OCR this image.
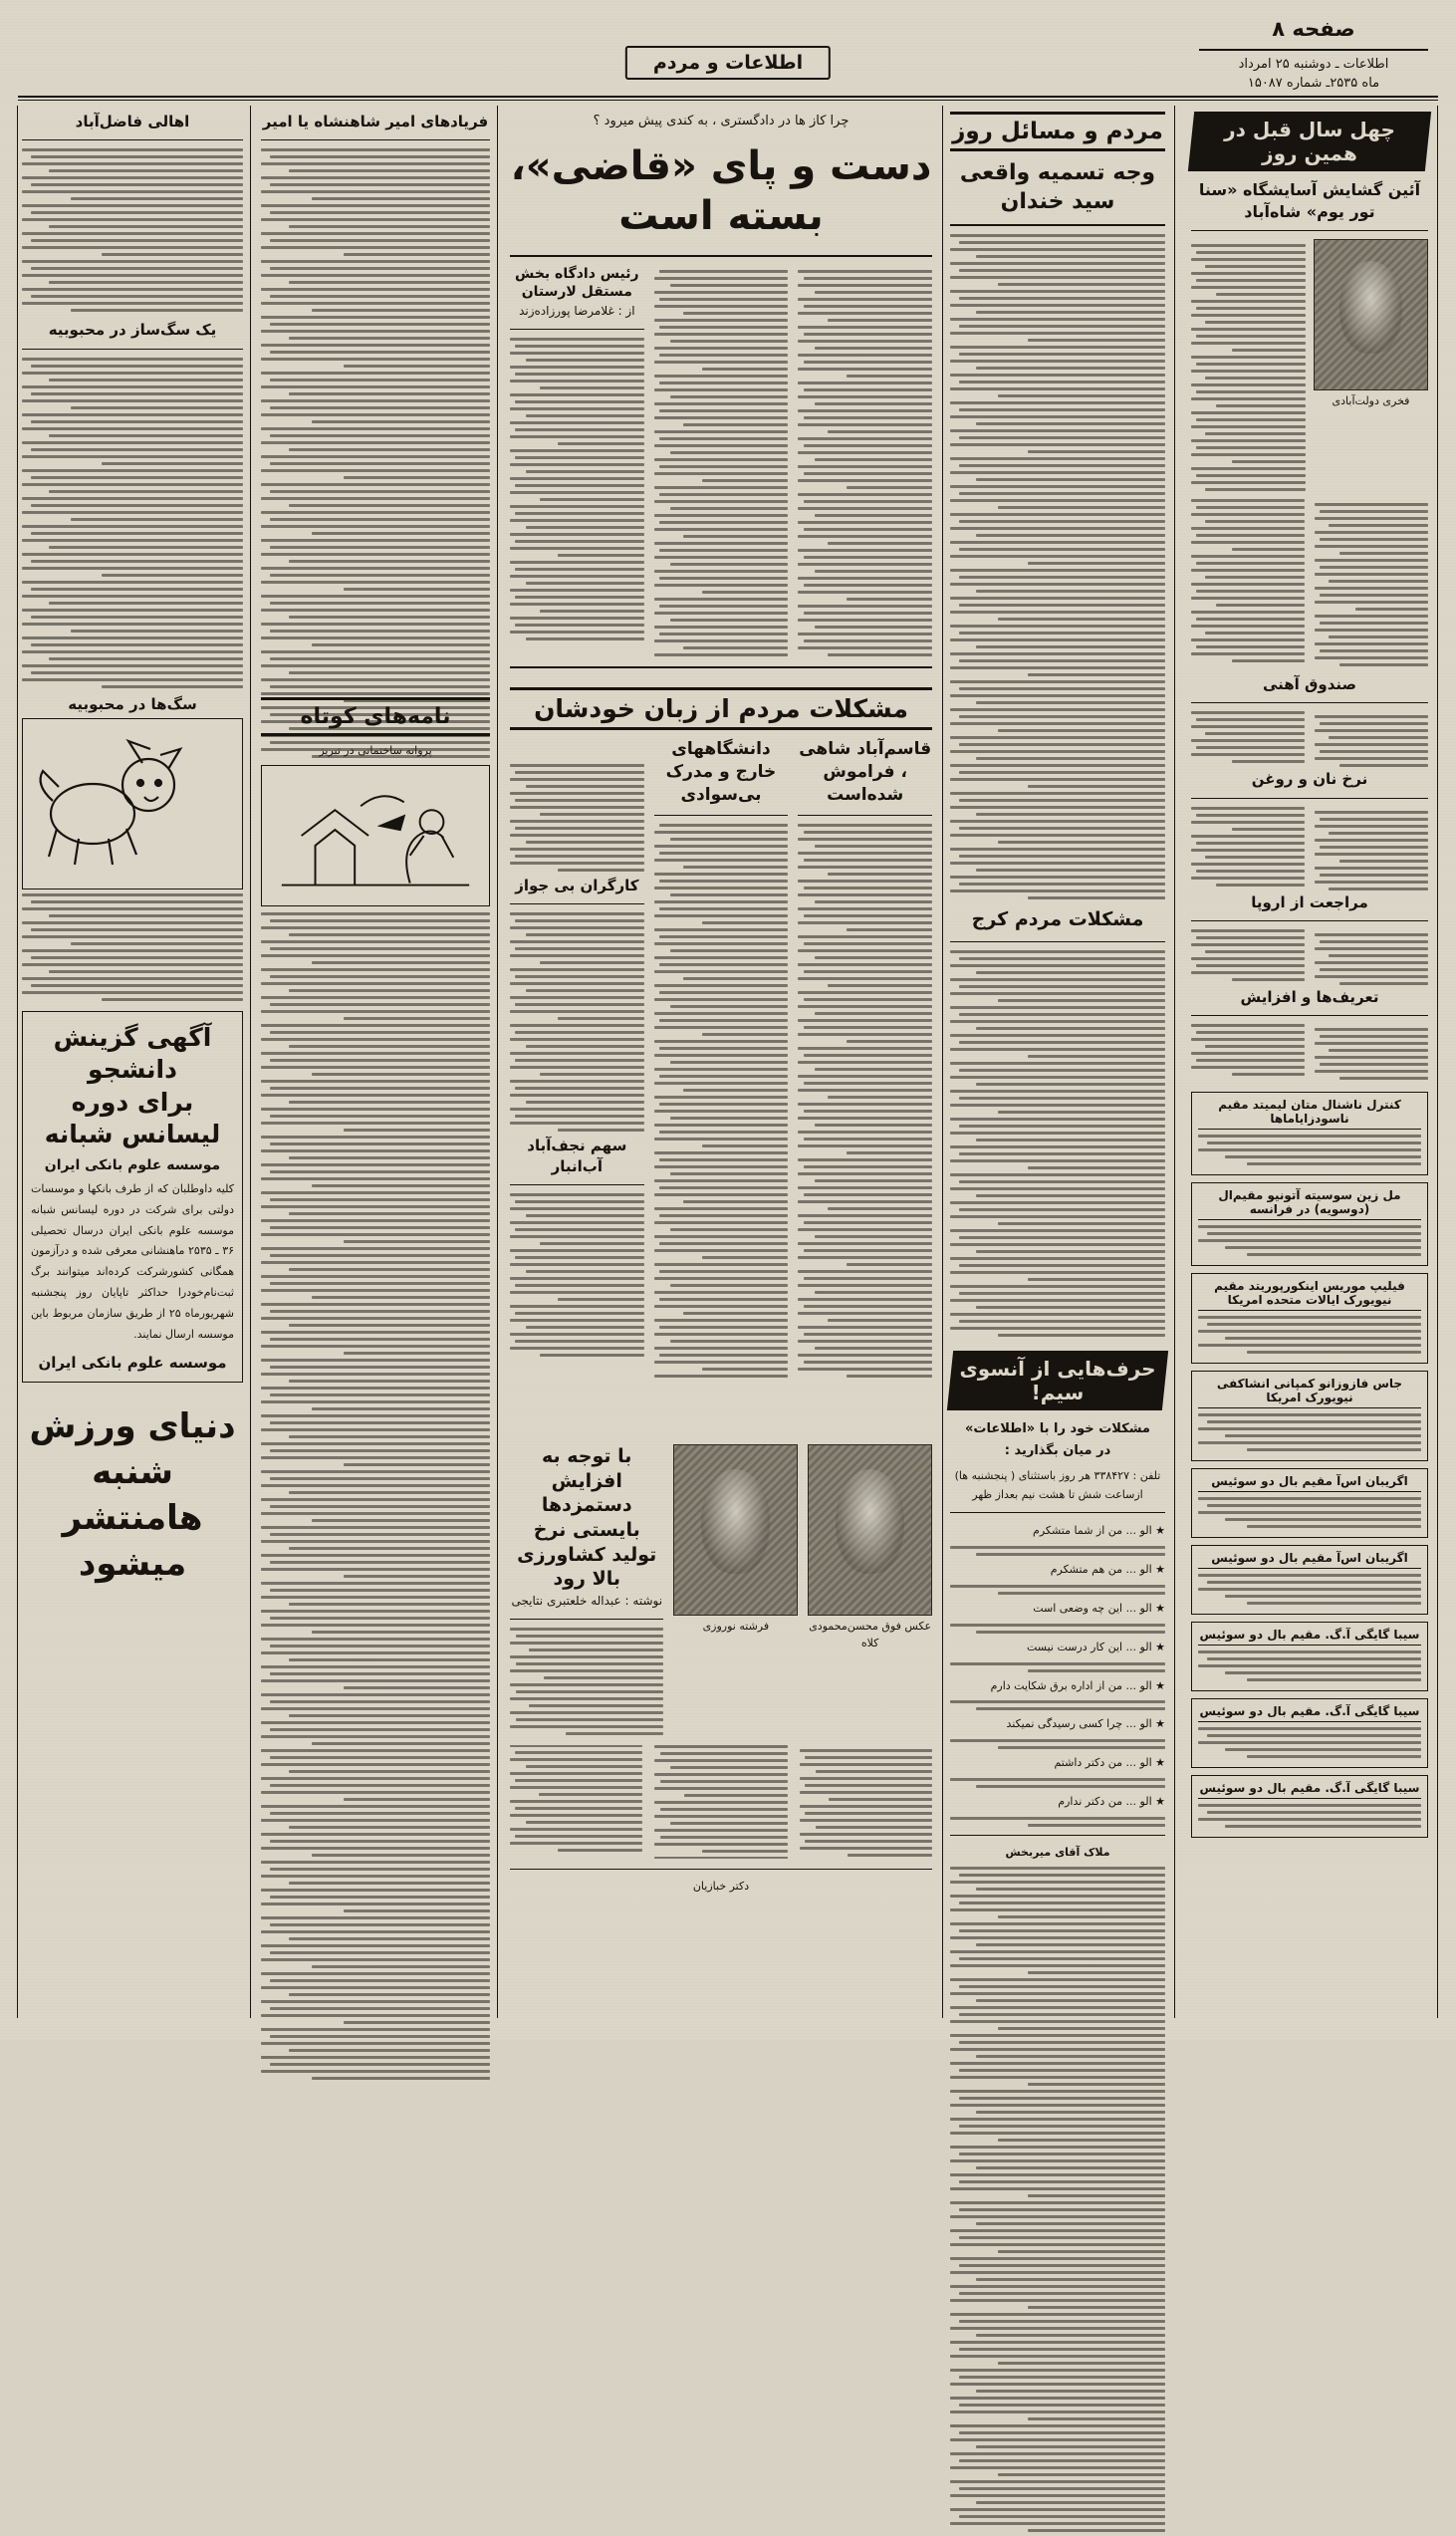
صفحه ۸
اطلاعات ـ دوشنبه ۲۵ امرداد
ماه ۲۵۳۵ـ شماره ۱۵۰۸۷
اطلاعات و مردم
چرا کاز ها در دادگستری ، به کندی پیش میرود ؟
دست و پای «قاضی»، بسته است
رئیس دادگاه بخش مستقل لارستان
از : غلامرضا پورزاده‌زند
فریادهای امیر شاهنشاه یا امیر
اهالی فاضل‌آباد
یک سگ‌ساز در محبوبیه
سگ‌ها در محبوبیه
آگهی گزینش دانشجو
برای دوره لیسانس شبانه
موسسه علوم بانکی ایران
کلیه داوطلبان که از طرف بانکها و موسسات دولتی برای شرکت در دوره لیسانس شبانه موسسه علوم بانکی ایران درسال تحصیلی ۳۶ ـ ۲۵۳۵ ماهنشانی معرفی شده و درآزمون همگانی کشورشرکت کرده‌اند میتوانند برگ ثبت‌نام‌خودرا حداکثر تاپایان روز پنجشنبه شهریورماه ۲۵ از طریق سازمان مربوط باین موسسه ارسال نمایند.
موسسه علوم بانکی ایران
دنیای ورزش شنبه
هامنتشر میشود
نامه‌های کوتاه
پروانه ساختمانی در تبریز
مشکلات مردم از زبان خودشان
قاسم‌آباد شاهی ، فراموش شده‌است
دانشگاههای خارج و مدرک بی‌سوادی
کارگران بی جواز
سهم نجف‌آباد آب‌انبار
عکس فوق محسن‌محمودی کلاه
فرشته نوروزی
با توجه به افزایش دستمزدها بایستی نرخ تولید کشاورزی بالا رود
نوشته : عبداله خلعتبری نتایجی
دکتر خبازیان
مردم و مسائل روز
وجه تسمیه واقعی
سید خندان
مشکلات مردم کرج
حرف‌هایی از آنسوی سیم!
مشکلات خود را با «اطلاعات»
در میان بگذارید :
تلفن : ۳۳۸۴۲۷ هر روز باستثنای ( پنجشنبه ها) ازساعت شش تا هشت نیم بعداز ظهر
★ الو ... من از شما متشکرم
★ الو ... من هم متشکرم
★ الو ... این چه وضعی است
★ الو ... این کار درست نیست
★ الو ... من از اداره برق شکایت دارم
★ الو ... چرا کسی رسیدگی نمیکند
★ الو ... من دکتر داشتم
★ الو ... من دکتر ندارم
ملاک آقای میربخش
چهل سال قبل در همین روز
آئین گشایش آسایشگاه «سنا تور یوم» شاه‌آباد
فخری دولت‌آبادی
صندوق آهنی
نرخ نان و روغن
مراجعت از اروپا
تعریف‌ها و افزایش
کنترل ناشنال متان لیمیتد مقیم ناسودزایاماها
مل زین سوسیته آتونیو مقیم‌ال (دوسویه) در فرانسه
فیلیپ موریس اینکورپوریتد مقیم نیویورک ایالات متحده امریکا
جاس فازوزانو کمپانی انشاکفی نیویورک امریکا
اگریبان اس‌آ مقیم بال دو سوئیس
اگریبان اس‌آ مقیم بال دو سوئیس
سیبا گایگی آ.گ. مقیم بال دو سوئیس
سیبا گایگی آ.گ. مقیم بال دو سوئیس
سیبا گایگی آ.گ. مقیم بال دو سوئیس
